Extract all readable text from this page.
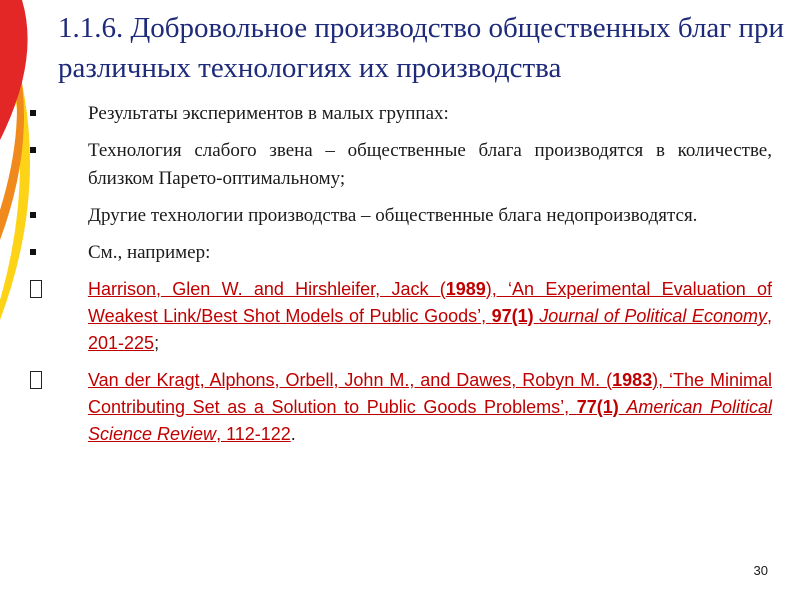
1.1.6. Добровольное производство общественных благ при различных технологиях их производства
Результаты экспериментов в малых группах:
Технология слабого звена – общественные блага производятся в количестве, близком Парето-оптимальному;
Другие технологии производства – общественные блага недопроизводятся.
См., например:
Harrison, Glen W. and Hirshleifer, Jack (1989), ‘An Experimental Evaluation of Weakest Link/Best Shot Models of Public Goods’, 97(1) Journal of Political Economy, 201-225;
Van der Kragt, Alphons, Orbell, John M., and Dawes, Robyn M. (1983), ‘The Minimal Contributing Set as a Solution to Public Goods Problems’, 77(1) American Political Science Review, 112-122.
30
